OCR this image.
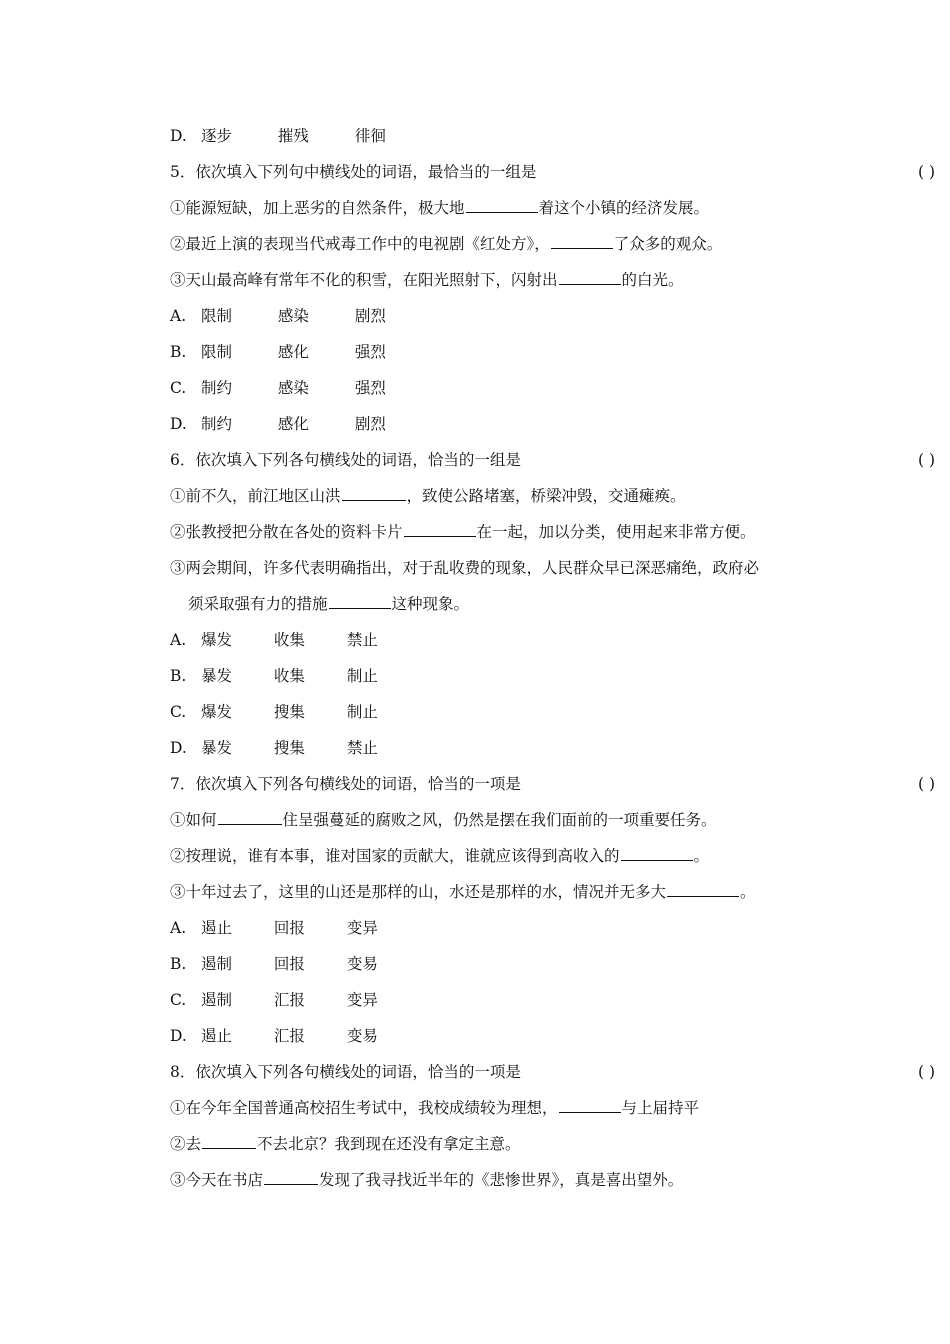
D. 逐步	摧残	徘徊
5．依次填入下列句中横线处的词语，最恰当的一组是	( )
①能源短缺，加上恶劣的自然条件，极大地	着这个小镇的经济发展。
②最近上演的表现当代戒毒工作中的电视剧《红处方》，	了众多的观众。
③天山最高峰有常年不化的积雪，在阳光照射下，闪射出	的白光。
A. 限制	感染	剧烈
B. 限制	感化	强烈
C. 制约	感染	强烈
D. 制约	感化	剧烈
6．依次填入下列各句横线处的词语，恰当的一组是	( )
①前不久，前江地区山洪	，致使公路堵塞，桥梁冲毁，交通瘫痪。
②张教授把分散在各处的资料卡片	在一起，加以分类，使用起来非常方便。
③两会期间，许多代表明确指出，对于乱收费的现象，人民群众早已深恶痛绝，政府必
须采取强有力的措施	这种现象。
A. 爆发	收集	禁止
B. 暴发	收集	制止
C. 爆发	搜集	制止
D. 暴发	搜集	禁止
7．依次填入下列各句横线处的词语，恰当的一项是	( )
①如何	住呈强蔓延的腐败之风，仍然是摆在我们面前的一项重要任务。
②按理说，谁有本事，谁对国家的贡献大，谁就应该得到高收入的	。
③十年过去了，这里的山还是那样的山，水还是那样的水，情况并无多大	。
A. 遏止	回报	变异
B. 遏制	回报	变易
C. 遏制	汇报	变异
D. 遏止	汇报	变易
8．依次填入下列各句横线处的词语，恰当的一项是	( )
①在今年全国普通高校招生考试中，我校成绩较为理想，	与上届持平
②去	不去北京？我到现在还没有拿定主意。
③今天在书店	发现了我寻找近半年的《悲惨世界》，真是喜出望外。
